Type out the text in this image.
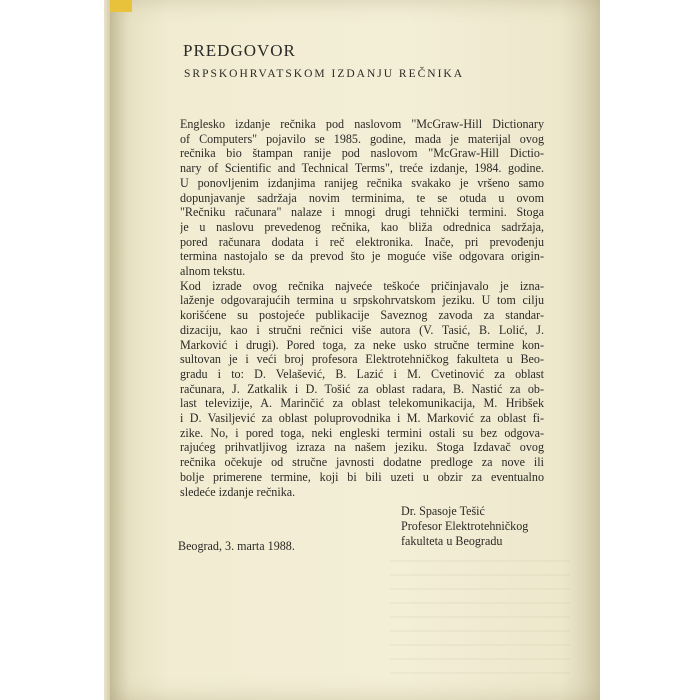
PREDGOVOR
SRPSKOHRVATSKOM IZDANJU REČNIKA
Englesko izdanje rečnika pod naslovom "McGraw-Hill Dictionary
of Computers" pojavilo se 1985. godine, mada je materijal ovog
rečnika bio štampan ranije pod naslovom "McGraw-Hill Dictio-
nary of Scientific and Technical Terms", treće izdanje, 1984. godine.
U ponovljenim izdanjima ranijeg rečnika svakako je vršeno samo
dopunjavanje sadržaja novim terminima, te se otuda u ovom
"Rečniku računara" nalaze i mnogi drugi tehnički termini. Stoga
je u naslovu prevedenog rečnika, kao bliža odrednica sadržaja,
pored računara dodata i reč elektronika. Inače, pri prevođenju
termina nastojalo se da prevod što je moguće više odgovara origin-
alnom tekstu.
Kod izrade ovog rečnika najveće teškoće pričinjavalo je izna-
laženje odgovarajućih termina u srpskohrvatskom jeziku. U tom cilju
korišćene su postojeće publikacije Saveznog zavoda za standar-
dizaciju, kao i stručni rečnici više autora (V. Tasić, B. Lolić, J.
Marković i drugi). Pored toga, za neke usko stručne termine kon-
sultovan je i veći broj profesora Elektrotehničkog fakulteta u Beo-
gradu i to: D. Velašević, B. Lazić i M. Cvetinović za oblast
računara, J. Zatkalik i D. Tošić za oblast radara, B. Nastić za ob-
last televizije, A. Marinčić za oblast telekomunikacija, M. Hribšek
i D. Vasiljević za oblast poluprovodnika i M. Marković za oblast fi-
zike. No, i pored toga, neki engleski termini ostali su bez odgova-
rajućeg prihvatljivog izraza na našem jeziku. Stoga Izdavač ovog
rečnika očekuje od stručne javnosti dodatne predloge za nove ili
bolje primerene termine, koji bi bili uzeti u obzir za eventualno
sledeće izdanje rečnika.
Dr. Spasoje Tešić
Profesor Elektrotehničkog
fakulteta u Beogradu
Beograd, 3. marta 1988.
